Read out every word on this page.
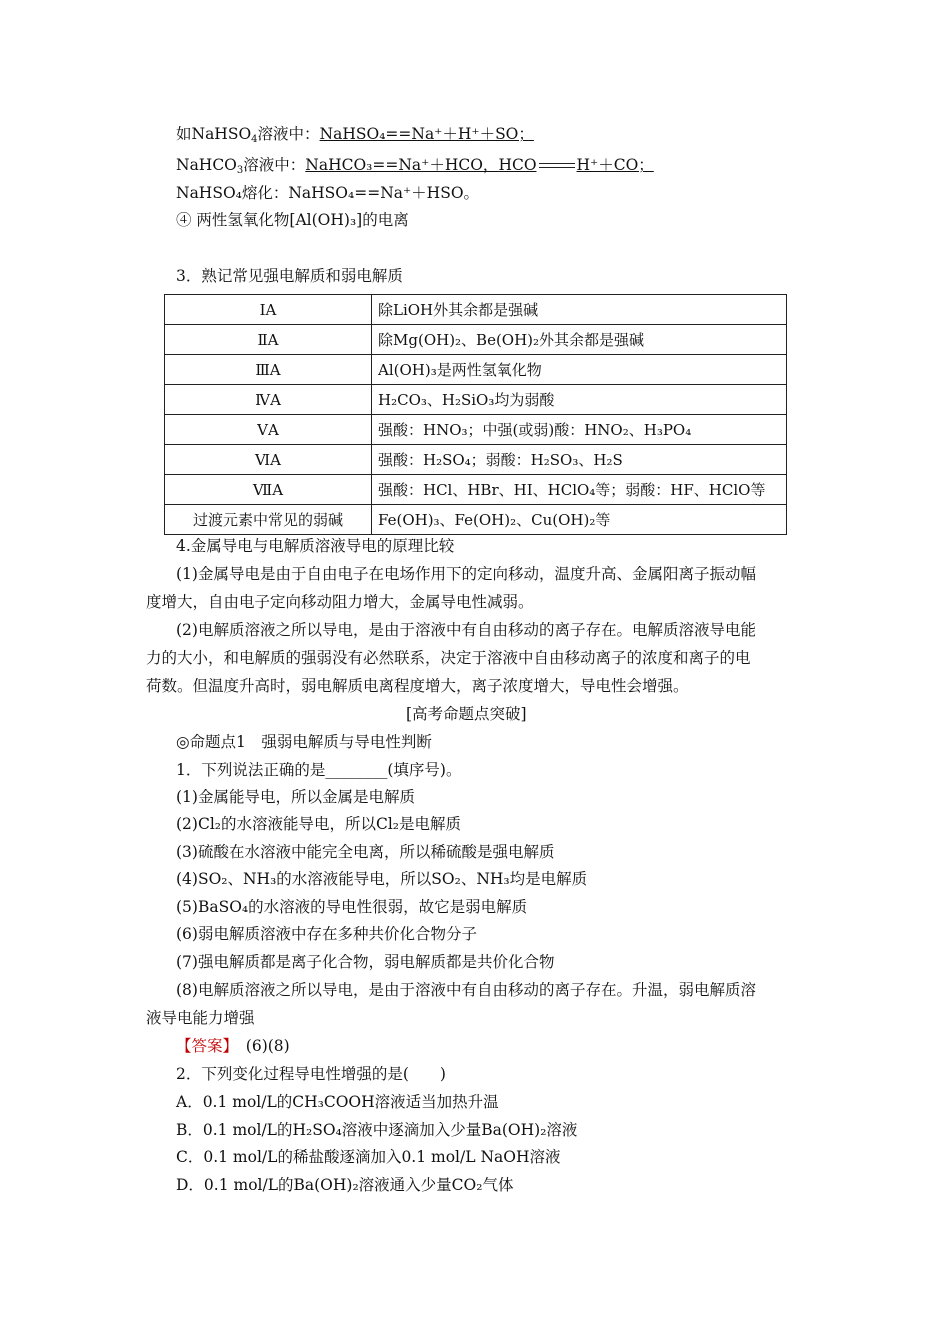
如NaHSO$_4$溶液中：NaHSO₄==Na⁺＋H⁺＋SO；
NaHCO$_3$溶液中：NaHCO₃==Na⁺＋HCO，HCO	H⁺＋CO；
NaHSO₄熔化：NaHSO₄==Na⁺＋HSO。
④ 两性氢氧化物[Al(OH)₃]的电离
3．熟记常见强电解质和弱电解质
ⅠA	除LiOH外其余都是强碱
ⅡA	除Mg(OH)₂、Be(OH)₂外其余都是强碱
ⅢA	Al(OH)₃是两性氢氧化物
ⅣA	H₂CO₃、H₂SiO₃均为弱酸
ⅤA	强酸：HNO₃；中强(或弱)酸：HNO₂、H₃PO₄
ⅥA	强酸：H₂SO₄；弱酸：H₂SO₃、H₂S
ⅦA	强酸：HCl、HBr、HI、HClO₄等；弱酸：HF、HClO等
过渡元素中常见的弱碱	Fe(OH)₃、Fe(OH)₂、Cu(OH)₂等
4.金属导电与电解质溶液导电的原理比较
(1)金属导电是由于自由电子在电场作用下的定向移动，温度升高、金属阳离子振动幅
度增大，自由电子定向移动阻力增大，金属导电性减弱。
(2)电解质溶液之所以导电，是由于溶液中有自由移动的离子存在。电解质溶液导电能
力的大小，和电解质的强弱没有必然联系，决定于溶液中自由移动离子的浓度和离子的电
荷数。但温度升高时，弱电解质电离程度增大，离子浓度增大，导电性会增强。
[高考命题点突破]
◎命题点1　强弱电解质与导电性判断
1．下列说法正确的是________(填序号)。
(1)金属能导电，所以金属是电解质
(2)Cl₂的水溶液能导电，所以Cl₂是电解质
(3)硫酸在水溶液中能完全电离，所以稀硫酸是强电解质
(4)SO₂、NH₃的水溶液能导电，所以SO₂、NH₃均是电解质
(5)BaSO₄的水溶液的导电性很弱，故它是弱电解质
(6)弱电解质溶液中存在多种共价化合物分子
(7)强电解质都是离子化合物，弱电解质都是共价化合物
(8)电解质溶液之所以导电，是由于溶液中有自由移动的离子存在。升温，弱电解质溶
液导电能力增强
【答案】　 (6)(8)
2．下列变化过程导电性增强的是(　　)
A．0.1 mol/L的CH₃COOH溶液适当加热升温
B．0.1 mol/L的H₂SO₄溶液中逐滴加入少量Ba(OH)₂溶液
C．0.1 mol/L的稀盐酸逐滴加入0.1 mol/L NaOH溶液
D．0.1 mol/L的Ba(OH)₂溶液通入少量CO₂气体
